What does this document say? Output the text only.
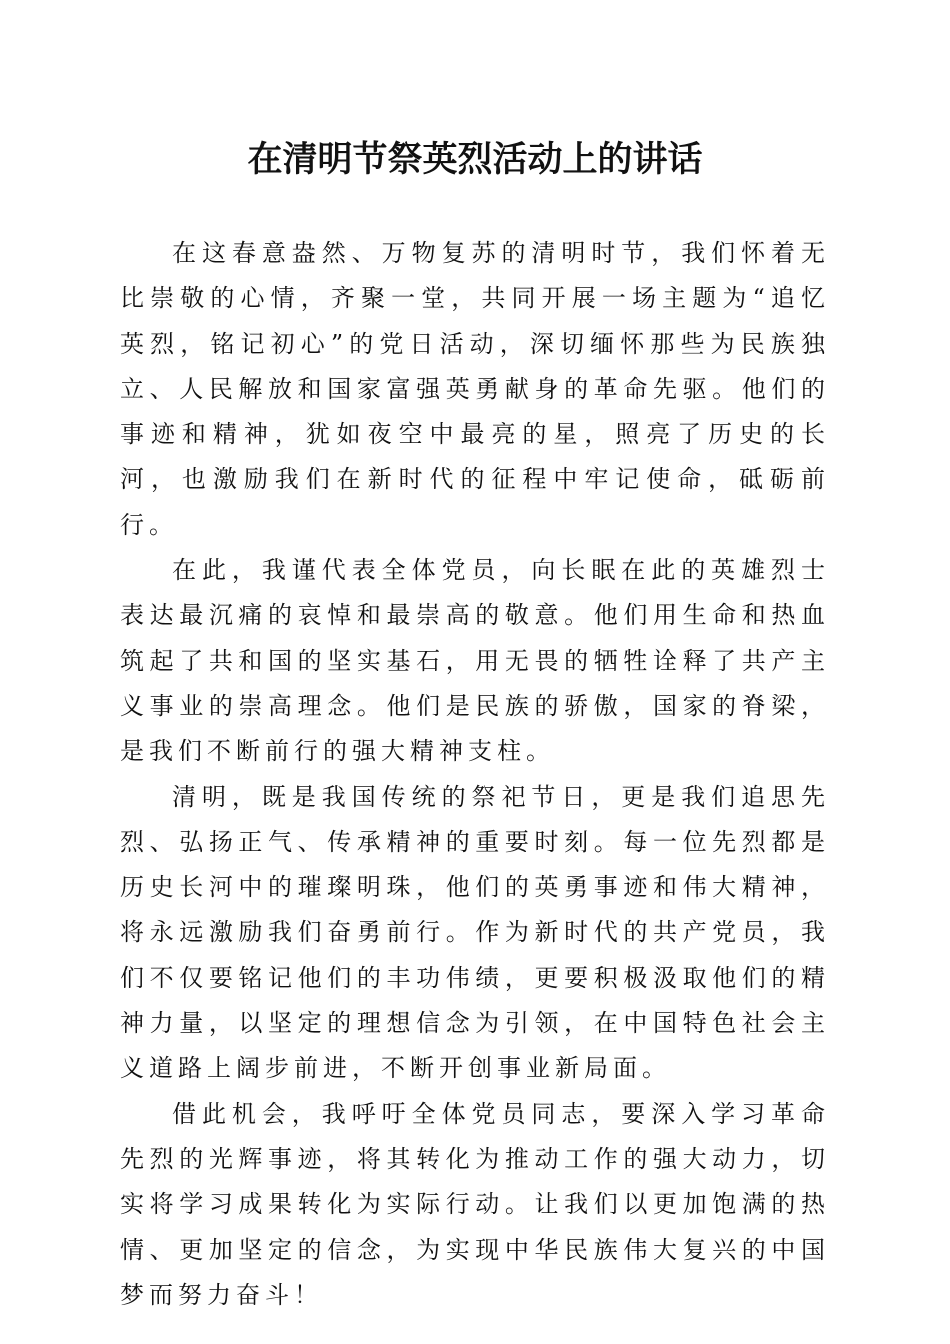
在清明节祭英烈活动上的讲话

在这春意盎然、万物复苏的清明时节，我们怀着无比崇敬的心情，齐聚一堂，共同开展一场主题为“追忆英烈，铭记初心”的党日活动，深切缅怀那些为民族独立、人民解放和国家富强英勇献身的革命先驱。他们的事迹和精神，犹如夜空中最亮的星，照亮了历史的长河，也激励我们在新时代的征程中牢记使命，砥砺前行。

在此，我谨代表全体党员，向长眠在此的英雄烈士表达最沉痛的哀悼和最崇高的敬意。他们用生命和热血筑起了共和国的坚实基石，用无畏的牺牲诠释了共产主义事业的崇高理念。他们是民族的骄傲，国家的脊梁，是我们不断前行的强大精神支柱。

清明，既是我国传统的祭祀节日，更是我们追思先烈、弘扬正气、传承精神的重要时刻。每一位先烈都是历史长河中的璀璨明珠，他们的英勇事迹和伟大精神，将永远激励我们奋勇前行。作为新时代的共产党员，我们不仅要铭记他们的丰功伟绩，更要积极汲取他们的精神力量，以坚定的理想信念为引领，在中国特色社会主义道路上阔步前进，不断开创事业新局面。

借此机会，我呼吁全体党员同志，要深入学习革命先烈的光辉事迹，将其转化为推动工作的强大动力，切实将学习成果转化为实际行动。让我们以更加饱满的热情、更加坚定的信念，为实现中华民族伟大复兴的中国梦而努力奋斗！
